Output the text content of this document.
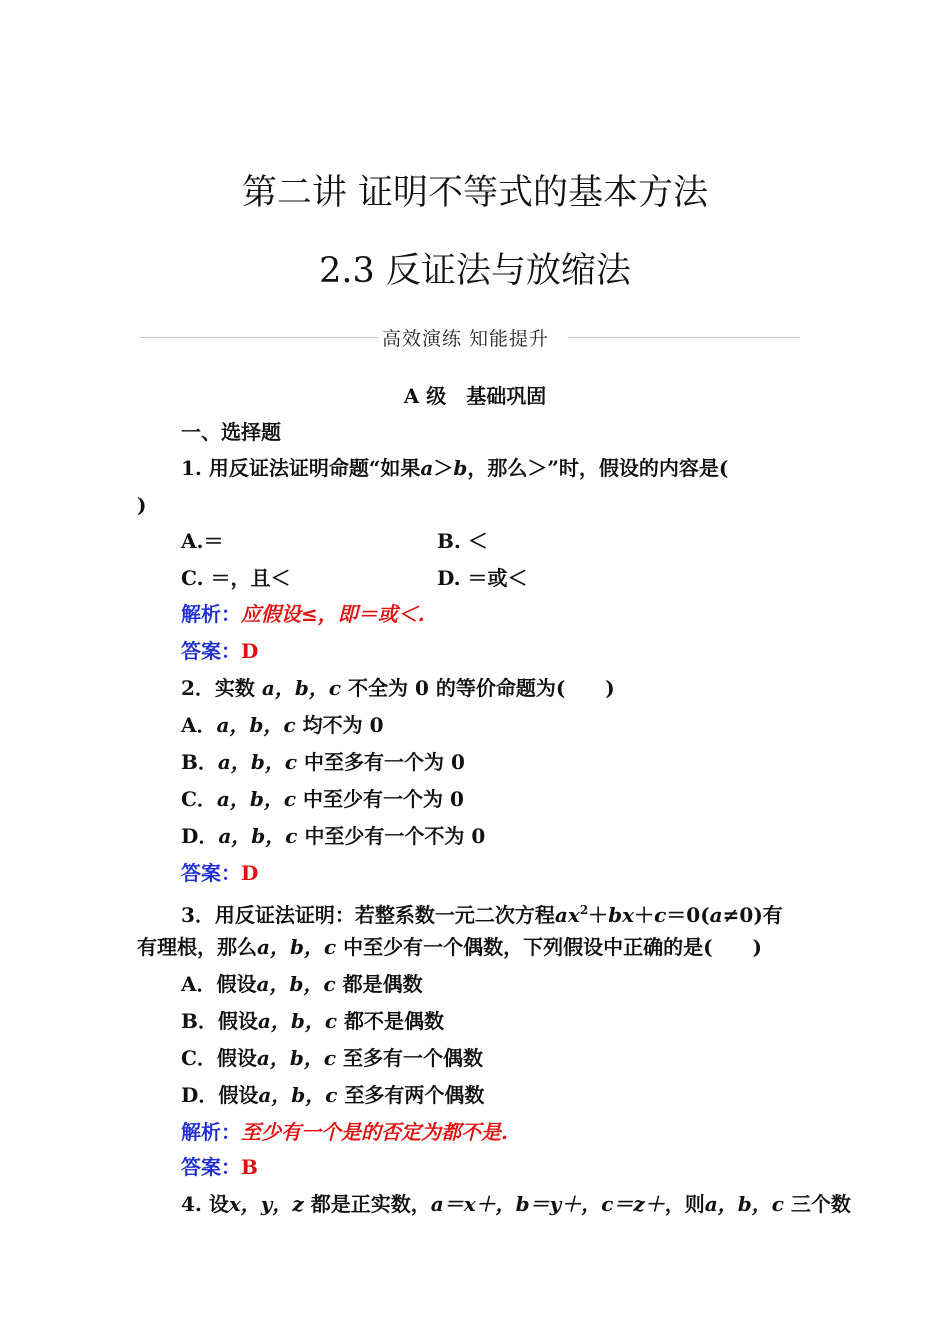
第二讲 证明不等式的基本方法
2.3 反证法与放缩法
高效演练 知能提升
A 级　基础巩固
一、选择题
1. 用反证法证明命题“如果a＞b，那么＞”时，假设的内容是(
)
A.＝	B. ＜
C. ＝，且＜	D. ＝或＜
解析：应假设≤，即＝或＜.
答案：D
2．实数 a，b，c 不全为 0 的等价命题为(　　)
A．a，b，c 均不为 0
B．a，b，c 中至多有一个为 0
C．a，b，c 中至少有一个为 0
D．a，b，c 中至少有一个不为 0
答案：D
3．用反证法证明：若整系数一元二次方程$ax^2+bx+c=0(a\ne 0)$有
有理根，那么a，b，c 中至少有一个偶数，下列假设中正确的是(　　)
A．假设a，b，c 都是偶数
B．假设a，b，c 都不是偶数
C．假设a，b，c 至多有一个偶数
D．假设a，b，c 至多有两个偶数
解析：至少有一个是的否定为都不是.
答案：B
4. 设x，y，z 都是正实数，a＝x＋，b＝y＋，c＝z＋，则a，b，c 三个数
